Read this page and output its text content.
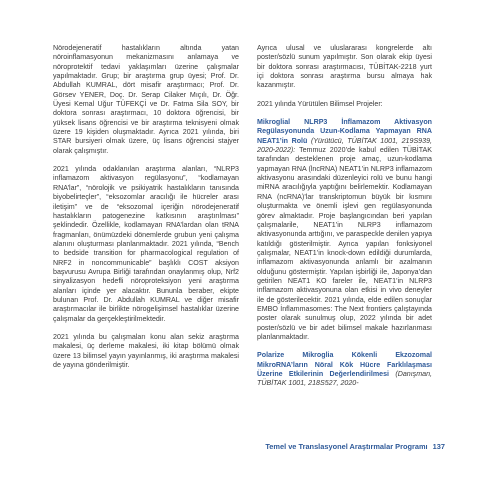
Nörodejeneratif hastalıkların altında yatan nöroinflamasyonun mekanizmasını anlamaya ve nöroprotektif tedavi yaklaşımları üzerine çalışmalar yapılmaktadır. Grup; bir araştırma grup üyesi; Prof. Dr. Abdullah KUMRAL, dört misafir araştırmacı; Prof. Dr. Görsev YENER, Doç. Dr. Serap Cilaker Mıçılı, Dr. Öğr. Üyesi Kemal Uğur TÜFEKÇİ ve Dr. Fatma Sila SOY, bir doktora sonrası araştırmacı, 10 doktora öğrencisi, bir yüksek lisans öğrencisi ve bir araştırma teknisyeni olmak üzere 19 kişiden oluşmaktadır. Ayrıca 2021 yılında, biri STAR bursiyeri olmak üzere, üç lisans öğrencisi stajyer olarak çalışmıştır.

2021 yılında odaklanılan araştırma alanları, “NLRP3 inflamazom aktivasyon regülasyonu”, “kodlamayan RNA’lar”, “nörolojik ve psikiyatrik hastalıkların tanısında biyobelirteçler”, “eksozomlar aracılığı ile hücreler arası iletişim” ve de “eksozomal içeriğin nörodejeneratif hastalıkların patogenezine katkısının araştırılması” şeklindedir. Özellikle, kodlamayan RNA’lardan olan tRNA fragmanları, önümüzdeki dönemlerde grubun yeni çalışma alanını oluşturması planlanmaktadır. 2021 yılında, “Bench to bedside transition for pharmacological regulation of NRF2 in noncommunicable” başlıklı COST aksiyon başvurusu Avrupa Birliği tarafından onaylanmış olup, Nrf2 sinyalizasyon hedefli nöroproteksiyon yeni araştırma alanları içinde yer alacaktır. Bununla beraber, ekipte bulunan Prof. Dr. Abdullah KUMRAL ve diğer misafir araştırmacılar ile birlikte nörogelişimsel hastalıklar üzerine çalışmalar da gerçekleştirilmektedir.

2021 yılında bu çalışmaları konu alan sekiz araştırma makalesi, üç derleme makalesi, iki kitap bölümü olmak üzere 13 bilimsel yayın yayınlanmış, iki araştırma makalesi de yayına gönderilmiştir.

Ayrıca ulusal ve uluslararası kongrelerde altı poster/sözlü sunum yapılmıştır. Son olarak ekip üyesi bir doktora sonrası araştırmacısı, TÜBİTAK-2218 yurt içi doktora sonrası araştırma bursu almaya hak kazanmıştır.

2021 yılında Yürütülen Bilimsel Projeler:

Mikroglial NLRP3 İnflamazom Aktivasyon Regülasyonunda Uzun-Kodlama Yapmayan RNA NEAT1’in Rolü (Yürütücü, TÜBİTAK 1001, 219S939, 2020-2022): Temmuz 2020’de kabul edilen TÜBİTAK tarafından desteklenen proje amaç, uzun-kodlama yapmayan RNA (lncRNA) NEAT1’in NLRP3 inflamazom aktivasyonu arasındaki düzenleyici rolü ve bunu hangi miRNA aracılığıyla yaptığını belirlemektir. Kodlamayan RNA (ncRNA)’lar transkriptomun büyük bir kısmını oluşturmakta ve önemli işlevi gen regülasyonunda görev almaktadır. Proje başlangıcından beri yapılan çalışmalarile, NEAT1’in NLRP3 inflamazom aktivasyonunda arttığını, ve paraspeckle denilen yapıya katıldığı gösterilmiştir. Ayrıca yapılan fonksiyonel çalışmalar, NEAT1’in knock-down edildiği durumlarda, inflamazom aktivasyonunda anlamlı bir azalmanın olduğunu göstermiştir. Yapılan işbirliği ile, Japonya’dan getirilen NEAT1 KO fareler ile, NEAT1’in NLRP3 inflamazom aktivasyonuna olan etkisi in vivo deneyler ile de gösterilecektir. 2021 yılında, elde edilen sonuçlar EMBO İnflammasomes: The Next frontiers çalıştayında poster olarak sunulmuş olup, 2022 yılında bir adet poster/sözlü ve bir adet bilimsel makale hazırlanması planlanmaktadır.

Polarize Mikroglia Kökenli Ekzozomal MikroRNA’ların Nöral Kök Hücre Farklılaşması Üzerine Etkilerinin Değerlendirilmesi (Danışman, TÜBİTAK 1001, 218S527, 2020-

Temel ve Translasyonel Araştırmalar Programı 137
